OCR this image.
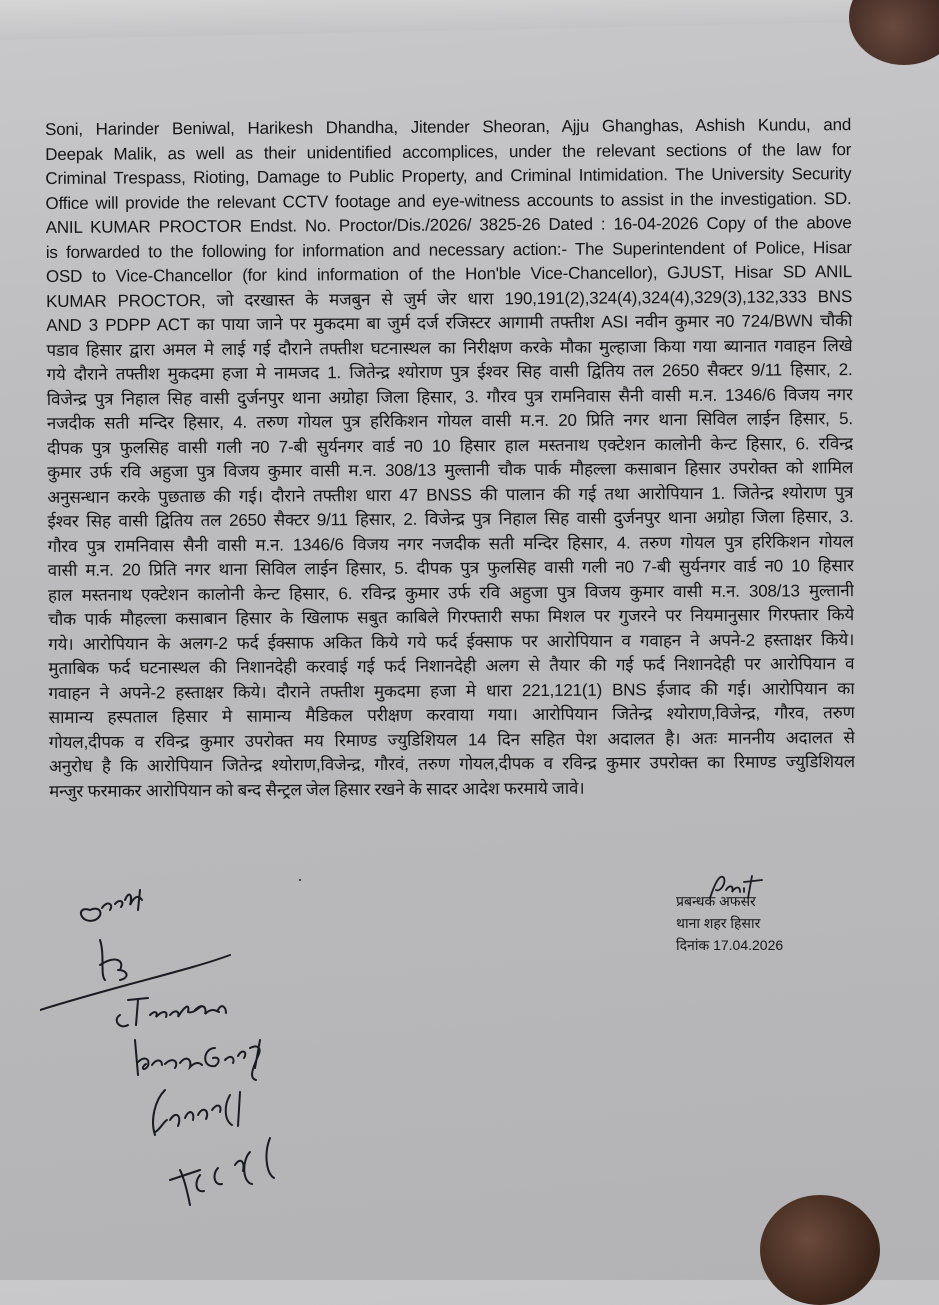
Soni, Harinder Beniwal, Harikesh Dhandha, Jitender Sheoran, Ajju Ghanghas, Ashish Kundu, and
Deepak Malik, as well as their unidentified accomplices, under the relevant sections of the law for
Criminal Trespass, Rioting, Damage to Public Property, and Criminal Intimidation. The University Security
Office will provide the relevant CCTV footage and eye-witness accounts to assist in the investigation. SD.
ANIL KUMAR PROCTOR Endst. No. Proctor/Dis./2026/ 3825-26 Dated : 16-04-2026 Copy of the above
is forwarded to the following for information and necessary action:- The Superintendent of Police, Hisar
OSD to Vice-Chancellor (for kind information of the Hon'ble Vice-Chancellor), GJUST, Hisar SD ANIL
KUMAR PROCTOR, जो दरखास्त के मजबुन से जुर्म जेर धारा 190,191(2),324(4),324(4),329(3),132,333 BNS
AND 3 PDPP ACT का पाया जाने पर मुकदमा बा जुर्म दर्ज रजिस्टर आगामी तफ्तीश ASI नवीन कुमार न0 724/BWN चौकी
पडाव हिसार द्वारा अमल मे लाई गई दौराने तफ्तीश घटनास्थल का निरीक्षण करके मौका मुल्हाजा किया गया ब्यानात गवाहन लिखे
गये दौराने तफ्तीश मुकदमा हजा मे नामजद 1. जितेन्द्र श्योराण पुत्र ईश्वर सिह वासी द्वितिय तल 2650 सैक्टर 9/11 हिसार, 2.
विजेन्द्र पुत्र निहाल सिह वासी दुर्जनपुर थाना अग्रोहा जिला हिसार, 3. गौरव पुत्र रामनिवास सैनी वासी म.न. 1346/6 विजय नगर
नजदीक सती मन्दिर हिसार, 4. तरुण गोयल पुत्र हरिकिशन गोयल वासी म.न. 20 प्रिति नगर थाना सिविल लाईन हिसार, 5.
दीपक पुत्र फुलसिह वासी गली न0 7-बी सुर्यनगर वार्ड न0 10 हिसार हाल मस्तनाथ एक्टेशन कालोनी केन्ट हिसार, 6. रविन्द्र
कुमार उर्फ रवि अहुजा पुत्र विजय कुमार वासी म.न. 308/13 मुल्तानी चौक पार्क मौहल्ला कसाबान हिसार उपरोक्त को शामिल
अनुसन्धान करके पुछताछ की गई। दौराने तफ्तीश धारा 47 BNSS की पालान की गई तथा आरोपियान 1. जितेन्द्र श्योराण पुत्र
ईश्वर सिह वासी द्वितिय तल 2650 सैक्टर 9/11 हिसार, 2. विजेन्द्र पुत्र निहाल सिह वासी दुर्जनपुर थाना अग्रोहा जिला हिसार, 3.
गौरव पुत्र रामनिवास सैनी वासी म.न. 1346/6 विजय नगर नजदीक सती मन्दिर हिसार, 4. तरुण गोयल पुत्र हरिकिशन गोयल
वासी म.न. 20 प्रिति नगर थाना सिविल लाईन हिसार, 5. दीपक पुत्र फुलसिह वासी गली न0 7-बी सुर्यनगर वार्ड न0 10 हिसार
हाल मस्तनाथ एक्टेशन कालोनी केन्ट हिसार, 6. रविन्द्र कुमार उर्फ रवि अहुजा पुत्र विजय कुमार वासी म.न. 308/13 मुल्तानी
चौक पार्क मौहल्ला कसाबान हिसार के खिलाफ सबुत काबिले गिरफ्तारी सफा मिशल पर गुजरने पर नियमानुसार गिरफ्तार किये
गये। आरोपियान के अलग-2 फर्द ईक्साफ अकित किये गये फर्द ईक्साफ पर आरोपियान व गवाहन ने अपने-2 हस्ताक्षर किये।
मुताबिक फर्द घटनास्थल की निशानदेही करवाई गई फर्द निशानदेही अलग से तैयार की गई फर्द निशानदेही पर आरोपियान व
गवाहन ने अपने-2 हस्ताक्षर किये। दौराने तफ्तीश मुकदमा हजा मे धारा 221,121(1) BNS ईजाद की गई। आरोपियान का
सामान्य हस्पताल हिसार मे सामान्य मैडिकल परीक्षण करवाया गया। आरोपियान जितेन्द्र श्योराण,विजेन्द्र, गौरव, तरुण
गोयल,दीपक व रविन्द्र कुमार उपरोक्त मय रिमाण्ड ज्युडिशियल 14 दिन सहित पेश अदालत है। अतः माननीय अदालत से
अनुरोध है कि आरोपियान जितेन्द्र श्योराण,विजेन्द्र, गौरवं, तरुण गोयल,दीपक व रविन्द्र कुमार उपरोक्त का रिमाण्ड ज्युडिशियल
मन्जुर फरमाकर आरोपियान को बन्द सैन्ट्रल जेल हिसार रखने के सादर आदेश फरमाये जावे।
प्रबन्धक अफसर
थाना शहर हिसार
दिनांक 17.04.2026
